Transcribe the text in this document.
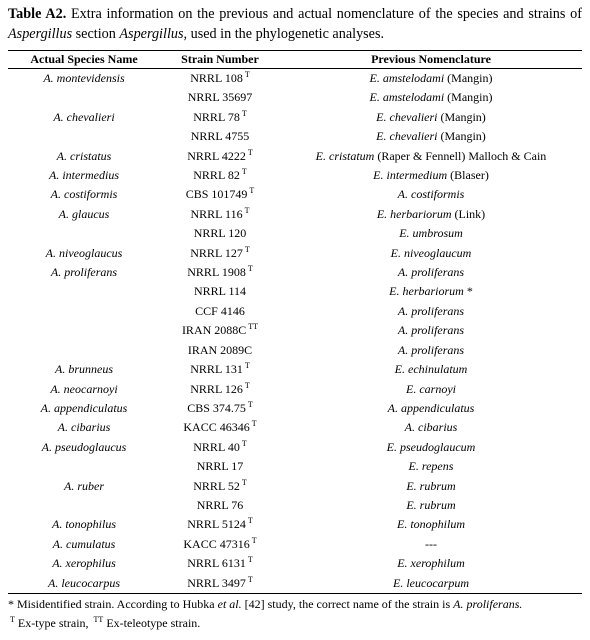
Table A2. Extra information on the previous and actual nomenclature of the species and strains of Aspergillus section Aspergillus, used in the phylogenetic analyses.

Actual Species Name	Strain Number	Previous Nomenclature
A. montevidensis	NRRL 108 $^T$	E. amstelodami (Mangin)
	NRRL 35697	E. amstelodami (Mangin)
A. chevalieri	NRRL 78 $^T$	E. chevalieri (Mangin)
	NRRL 4755	E. chevalieri (Mangin)
A. cristatus	NRRL 4222 $^T$	E. cristatum (Raper & Fennell) Malloch & Cain
A. intermedius	NRRL 82 $^T$	E. intermedium (Blaser)
A. costiformis	CBS 101749 $^T$	A. costiformis
A. glaucus	NRRL 116 $^T$	E. herbariorum (Link)
	NRRL 120	E. umbrosum
A. niveoglaucus	NRRL 127 $^T$	E. niveoglaucum
A. proliferans	NRRL 1908 $^T$	A. proliferans
	NRRL 114	E. herbariorum *
	CCF 4146	A. proliferans
	IRAN 2088C $^{TT}$	A. proliferans
	IRAN 2089C	A. proliferans
A. brunneus	NRRL 131 $^T$	E. echinulatum
A. neocarnoyi	NRRL 126 $^T$	E. carnoyi
A. appendiculatus	CBS 374.75 $^T$	A. appendiculatus
A. cibarius	KACC 46346 $^T$	A. cibarius
A. pseudoglaucus	NRRL 40 $^T$	E. pseudoglaucum
	NRRL 17	E. repens
A. ruber	NRRL 52 $^T$	E. rubrum
	NRRL 76	E. rubrum
A. tonophilus	NRRL 5124 $^T$	E. tonophilum
A. cumulatus	KACC 47316 $^T$	---
A. xerophilus	NRRL 6131 $^T$	E. xerophilum
A. leucocarpus	NRRL 3497 $^T$	E. leucocarpum
* Misidentified strain. According to Hubka et al. [42] study, the correct name of the strain is A. proliferans.
$^T$ Ex-type strain, $^{TT}$ Ex-teleotype strain.
